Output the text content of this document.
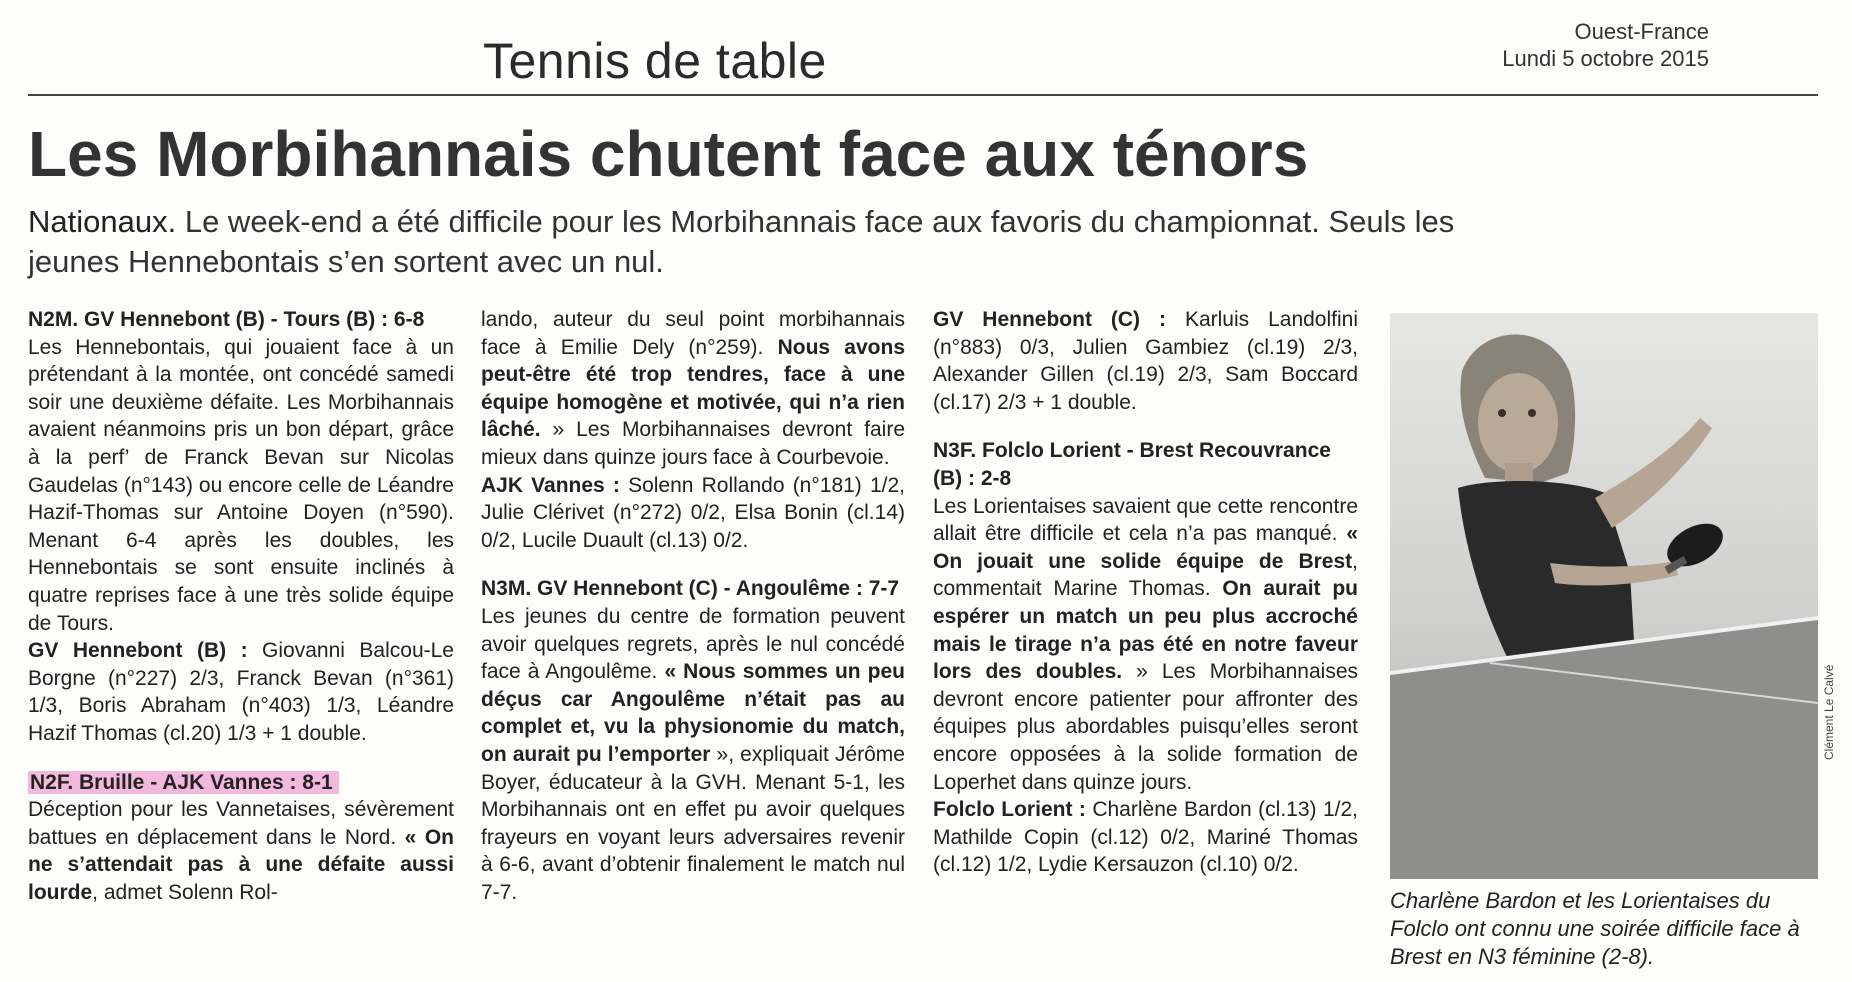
Tennis de table
Ouest-France
Lundi 5 octobre 2015
Les Morbihannais chutent face aux ténors
Nationaux. Le week-end a été difficile pour les Morbihannais face aux favoris du championnat. Seuls les jeunes Hennebontais s’en sortent avec un nul.

N2M. GV Hennebont (B) - Tours (B) : 6-8

Les Hennebontais, qui jouaient face à un prétendant à la montée, ont concédé samedi soir une deuxième défaite. Les Morbihannais avaient néanmoins pris un bon départ, grâce à la perf’ de Franck Bevan sur Nicolas Gaudelas (n°143) ou encore celle de Léandre Hazif-Thomas sur Antoine Doyen (n°590). Menant 6-4 après les doubles, les Hennebontais se sont ensuite inclinés à quatre reprises face à une très solide équipe de Tours.

GV Hennebont (B) : Giovanni Balcou-Le Borgne (n°227) 2/3, Franck Bevan (n°361) 1/3, Boris Abraham (n°403) 1/3, Léandre Hazif Thomas (cl.20) 1/3 + 1 double.

N2F. Bruille - AJK Vannes : 8-1

Déception pour les Vannetaises, sévèrement battues en déplacement dans le Nord. « On ne s’attendait pas à une défaite aussi lourde, admet Solenn Rol-

lando, auteur du seul point morbihannais face à Emilie Dely (n°259). Nous avons peut-être été trop tendres, face à une équipe homogène et motivée, qui n’a rien lâché. » Les Morbihannaises devront faire mieux dans quinze jours face à Courbevoie.

AJK Vannes : Solenn Rollando (n°181) 1/2, Julie Clérivet (n°272) 0/2, Elsa Bonin (cl.14) 0/2, Lucile Duault (cl.13) 0/2.

N3M. GV Hennebont (C) - Angoulême : 7-7

Les jeunes du centre de formation peuvent avoir quelques regrets, après le nul concédé face à Angoulême. « Nous sommes un peu déçus car Angoulême n’était pas au complet et, vu la physionomie du match, on aurait pu l’emporter », expliquait Jérôme Boyer, éducateur à la GVH. Menant 5-1, les Morbihannais ont en effet pu avoir quelques frayeurs en voyant leurs adversaires revenir à 6-6, avant d’obtenir finalement le match nul 7-7.

GV Hennebont (C) : Karluis Landolfini (n°883) 0/3, Julien Gambiez (cl.19) 2/3, Alexander Gillen (cl.19) 2/3, Sam Boccard (cl.17) 2/3 + 1 double.

N3F. Folclo Lorient - Brest Recouvrance (B) : 2-8

Les Lorientaises savaient que cette rencontre allait être difficile et cela n’a pas manqué. « On jouait une solide équipe de Brest, commentait Marine Thomas. On aurait pu espérer un match un peu plus accroché mais le tirage n’a pas été en notre faveur lors des doubles. » Les Morbihannaises devront encore patienter pour affronter des équipes plus abordables puisqu’elles seront encore opposées à la solide formation de Loperhet dans quinze jours.

Folclo Lorient : Charlène Bardon (cl.13) 1/2, Mathilde Copin (cl.12) 0/2, Mariné Thomas (cl.12) 1/2, Lydie Kersauzon (cl.10) 0/2.

Clément Le Calvé
Charlène Bardon et les Lorientaises du Folclo ont connu une soirée difficile face à Brest en N3 féminine (2-8).
